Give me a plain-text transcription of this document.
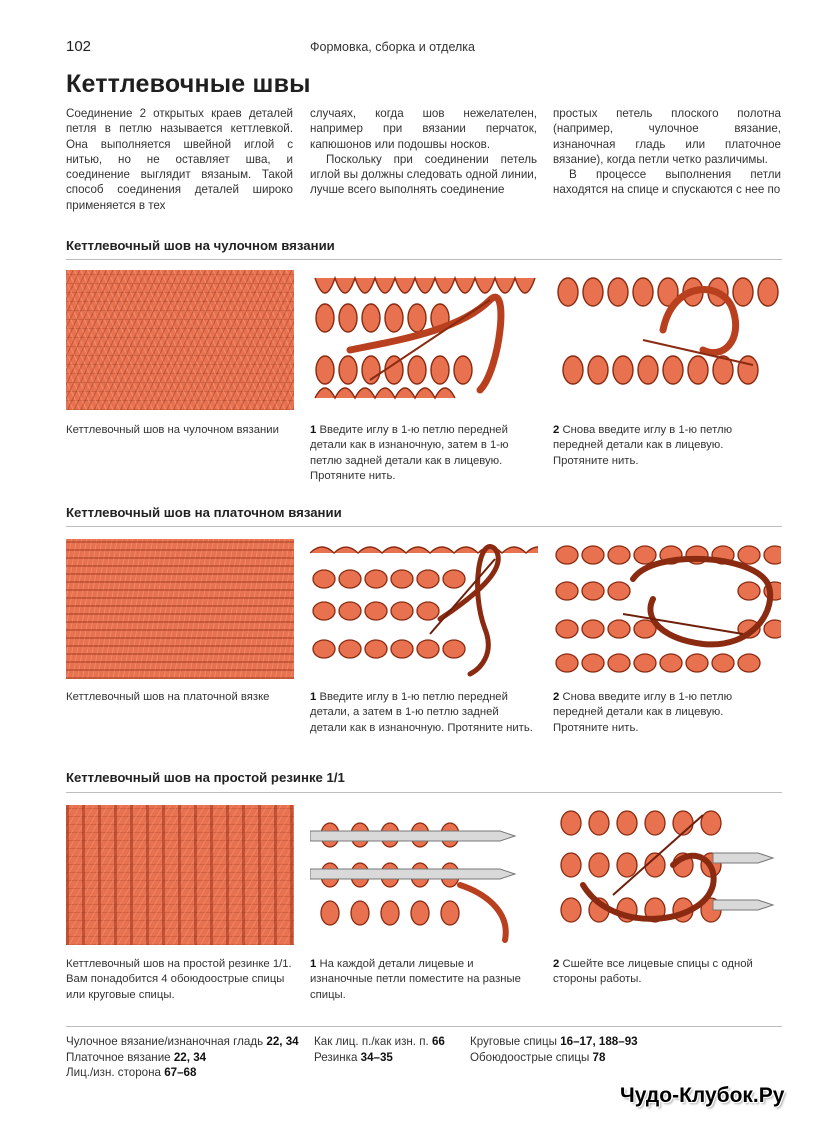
102	Формовка, сборка и отделка
Кеттлевочные швы

Соединение 2 открытых краев деталей петля в петлю называется кеттлевкой. Она выполняется швейной иглой с нитью, но не оставляет шва, и соединение выглядит вязаным. Такой способ соединения деталей широко применяется в тех

случаях, когда шов нежелателен, например при вязании перчаток, капюшонов или подошвы носков.

Поскольку при соединении петель иглой вы должны следовать одной линии, лучше всего выполнять соединение

простых петель плоского полотна (например, чулочное вязание, изнаночная гладь или платочное вязание), когда петли четко различимы.

В процессе выполнения петли находятся на спице и спускаются с нее по

Кеттлевочный шов на чулочном вязании
Кеттлевочный шов на чулочном вязании	1 Введите иглу в 1-ю петлю передней детали как в изнаночную, затем в 1-ю петлю задней детали как в лицевую. Протяните нить.
2 Снова введите иглу в 1-ю петлю передней детали как в лицевую. Протяните нить.
Кеттлевочный шов на платочном вязании
Кеттлевочный шов на платочной вязке	1 Введите иглу в 1-ю петлю передней детали, а затем в 1-ю петлю задней детали как в изнаночную. Протяните нить.
2 Снова введите иглу в 1-ю петлю передней детали как в лицевую. Протяните нить.
Кеттлевочный шов на простой резинке 1/1
Кеттлевочный шов на простой резинке 1/1. Вам понадобится 4 обоюдоострые спицы или круговые спицы.
1 На каждой детали лицевые и изнаночные петли поместите на разные спицы.
2 Сшейте все лицевые спицы с одной стороны работы.
Чулочное вязание/изнаночная гладь 22, 34
Платочное вязание 22, 34
Лиц./изн. сторона 67–68
Как лиц. п./как изн. п. 66
Резинка 34–35
Круговые спицы 16–17, 188–93
Обоюдоострые спицы 78
Чудо-Клубок.Ру
